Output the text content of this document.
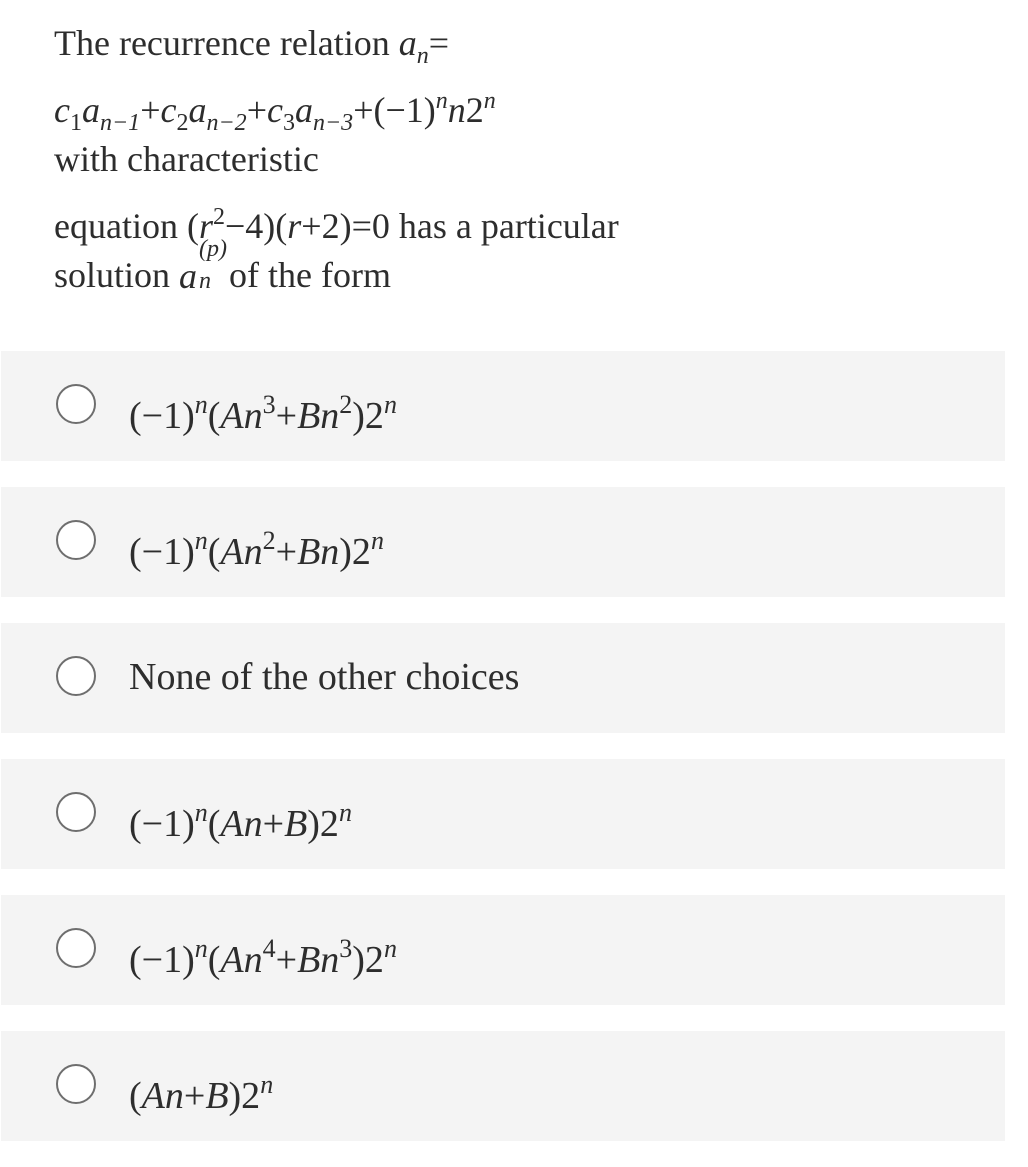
The recurrence relation $a_n=$
$c_1a_{n-1}+c_2a_{n-2}+c_3a_{n-3}+(-1)^nn2^n$
with characteristic
equation $(r^2-4)(r+2)=0$ has a particular
solution a
(p)
n of the form
$(-1)^n(An^3+Bn^2)2^n$
$(-1)^n(An^2+Bn)2^n$
None of the other choices
$(-1)^n(An+B)2^n$
$(-1)^n(An^4+Bn^3)2^n$
$(An+B)2^n$
